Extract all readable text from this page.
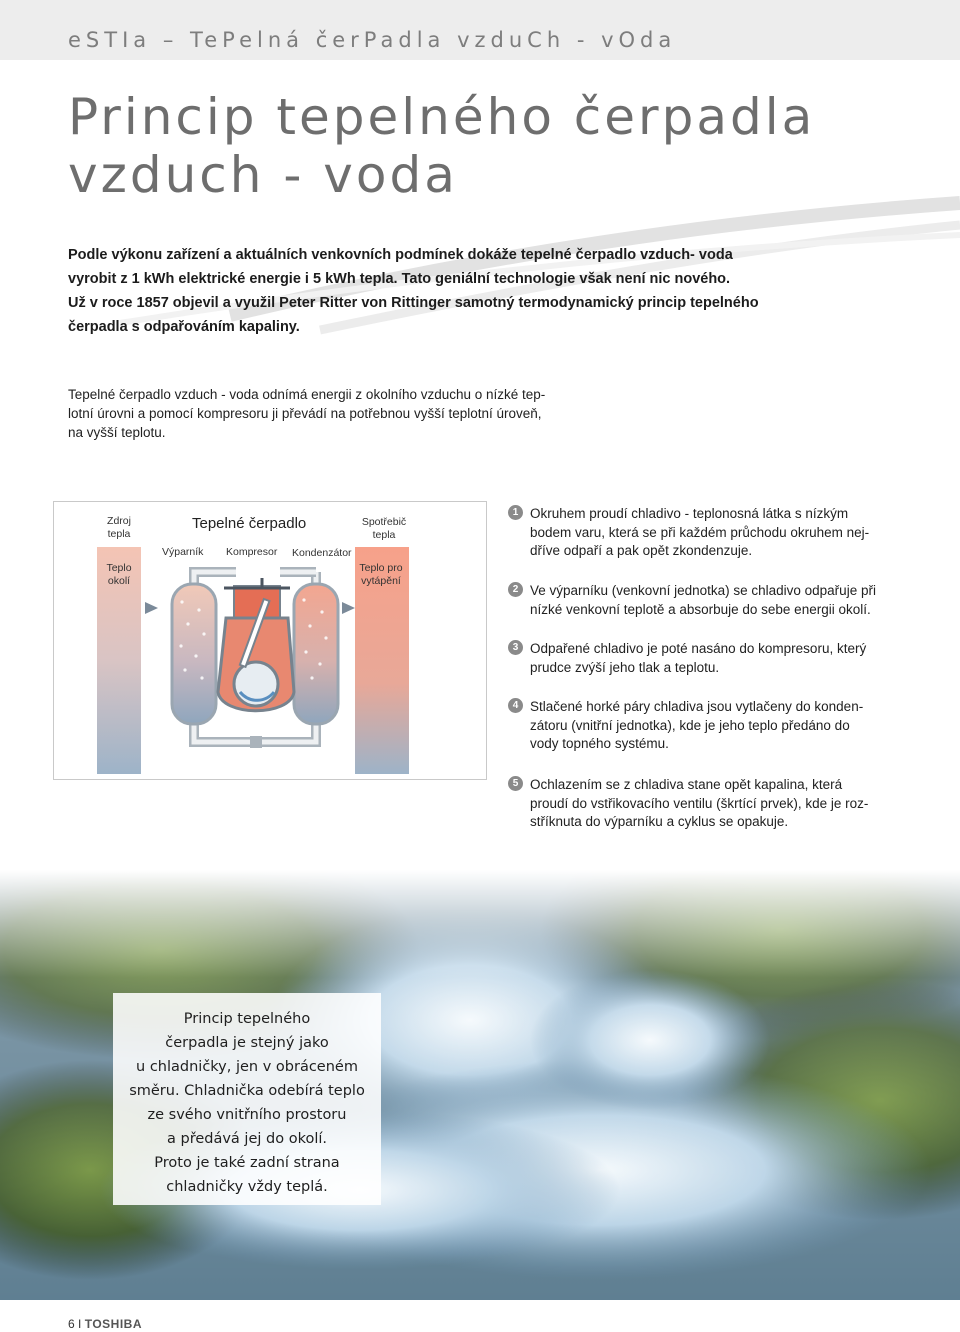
eSTIa – TePelná čerPadla vzduCh - vOda
Princip tepelného čerpadla
vzduch - voda

Podle výkonu zařízení a aktuálních venkovních podmínek dokáže tepelné čerpadlo vzduch- voda

vyrobit z 1 kWh elektrické energie i 5 kWh tepla. Tato geniální technologie však není nic nového.

Už v roce 1857 objevil a využil Peter Ritter von Rittinger samotný termodynamický princip tepelného

čerpadla s odpařováním kapaliny.

Tepelné čerpadlo vzduch - voda odnímá energii z okolního vzduchu o nízké tep-

lotní úrovni a pomocí kompresoru ji převádí na potřebnou vyšší teplotní úroveň,

na vyšší teplotu.

Zdroj
tepla
Teplo
okolí
Tepelné čerpadlo
Výparník Kompresor Kondenzátor
Spotřebič
tepla
Teplo pro
vytápění
1 Okruhem proudí chladivo - teplonosná látka s nízkým

bodem varu, která se při každém průchodu okruhem nej-

dříve odpaří a pak opět zkondenzuje.

2 Ve výparníku (venkovní jednotka) se chladivo odpařuje při

nízké venkovní teplotě a absorbuje do sebe energii okolí.

3 Odpařené chladivo je poté nasáno do kompresoru, který

prudce zvýší jeho tlak a teplotu.

4 Stlačené horké páry chladiva jsou vytlačeny do konden-

zátoru (vnitřní jednotka), kde je jeho teplo předáno do

vody topného systému.

5 Ochlazením se z chladiva stane opět kapalina, která

proudí do vstřikovacího ventilu (škrtící prvek), kde je roz-

stříknuta do výparníku a cyklus se opakuje.

Princip tepelného

čerpadla je stejný jako

u chladničky, jen v obráceném

směru. Chladnička odebírá teplo

ze svého vnitřního prostoru

a předává jej do okolí.

Proto je také zadní strana

chladničky vždy teplá.

6 I TOSHIBA
